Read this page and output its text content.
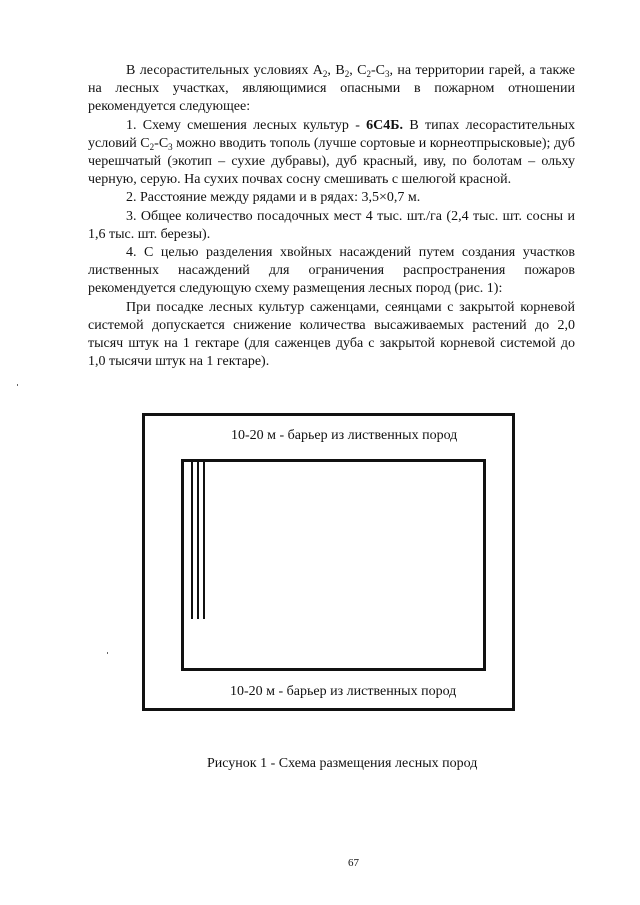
В лесорастительных условиях $А_2$, $В_2$, $С_2-С_3$, на территории гарей, а также на лесных участках, являющимися опасными в пожарном отношении рекомендуется следующее:

1. Схему смешения лесных культур - 6С4Б. В типах лесорастительных условий $С_2-С_3$ можно вводить тополь (лучше сортовые и корнеотпрысковые); дуб черешчатый (экотип – сухие дубравы), дуб красный, иву, по болотам – ольху черную, серую. На сухих почвах сосну смешивать с шелюгой красной.

2. Расстояние между рядами и в рядах: 3,5×0,7 м.

3. Общее количество посадочных мест 4 тыс. шт./га (2,4 тыс. шт. сосны и 1,6 тыс. шт. березы).

4. С целью разделения хвойных насаждений путем создания участков лиственных насаждений для ограничения распространения пожаров рекомендуется следующую схему размещения лесных пород (рис. 1):

При посадке лесных культур саженцами, сеянцами с закрытой корневой системой допускается снижение количества высаживаемых растений до 2,0 тысяч штук на 1 гектаре (для саженцев дуба с закрытой корневой системой до 1,0 тысячи штук на 1 гектаре).

10-20 м - барьер из лиственных пород
10-20 м - барьер из лиственных пород
Рисунок 1 - Схема размещения лесных пород
67
